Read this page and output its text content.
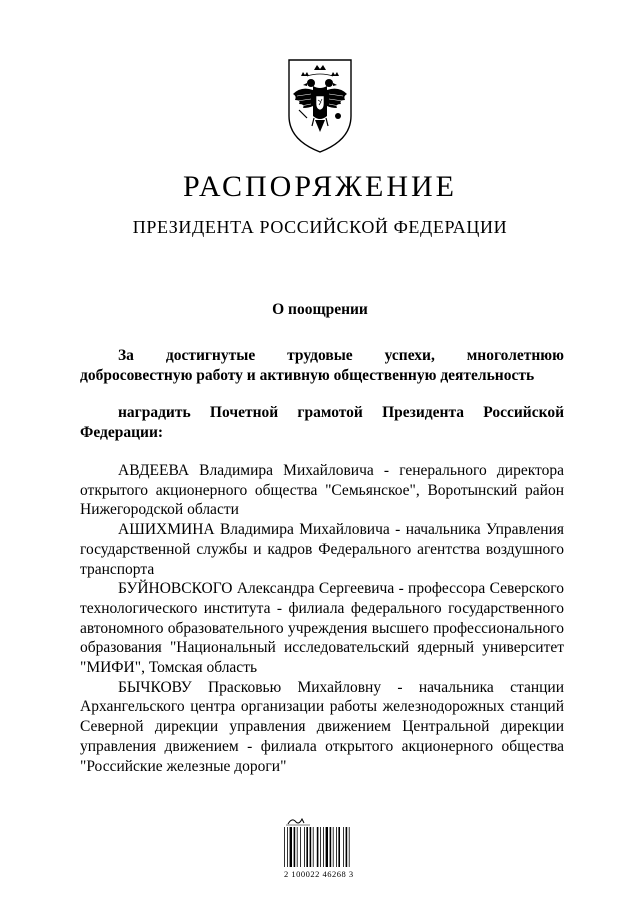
РАСПОРЯЖЕНИЕ
ПРЕЗИДЕНТА РОССИЙСКОЙ ФЕДЕРАЦИИ
О поощрении
За достигнутые трудовые успехи, многолетнюю добросовестную работу и активную общественную деятельность
наградить Почетной грамотой Президента Российской Федерации:

АВДЕЕВА Владимира Михайловича - генерального директора открытого акционерного общества "Семьянское", Воротынский район Нижегородской области

АШИХМИНА Владимира Михайловича - начальника Управления государственной службы и кадров Федерального агентства воздушного транспорта

БУЙНОВСКОГО Александра Сергеевича - профессора Северского технологического института - филиала федерального государственного автономного образовательного учреждения высшего профессионального образования "Национальный исследовательский ядерный университет "МИФИ", Томская область

БЫЧКОВУ Прасковью Михайловну - начальника станции Архангельского центра организации работы железнодорожных станций Северной дирекции управления движением Центральной дирекции управления движением - филиала открытого акционерного общества "Российские железные дороги"

2 100022 46268 3
